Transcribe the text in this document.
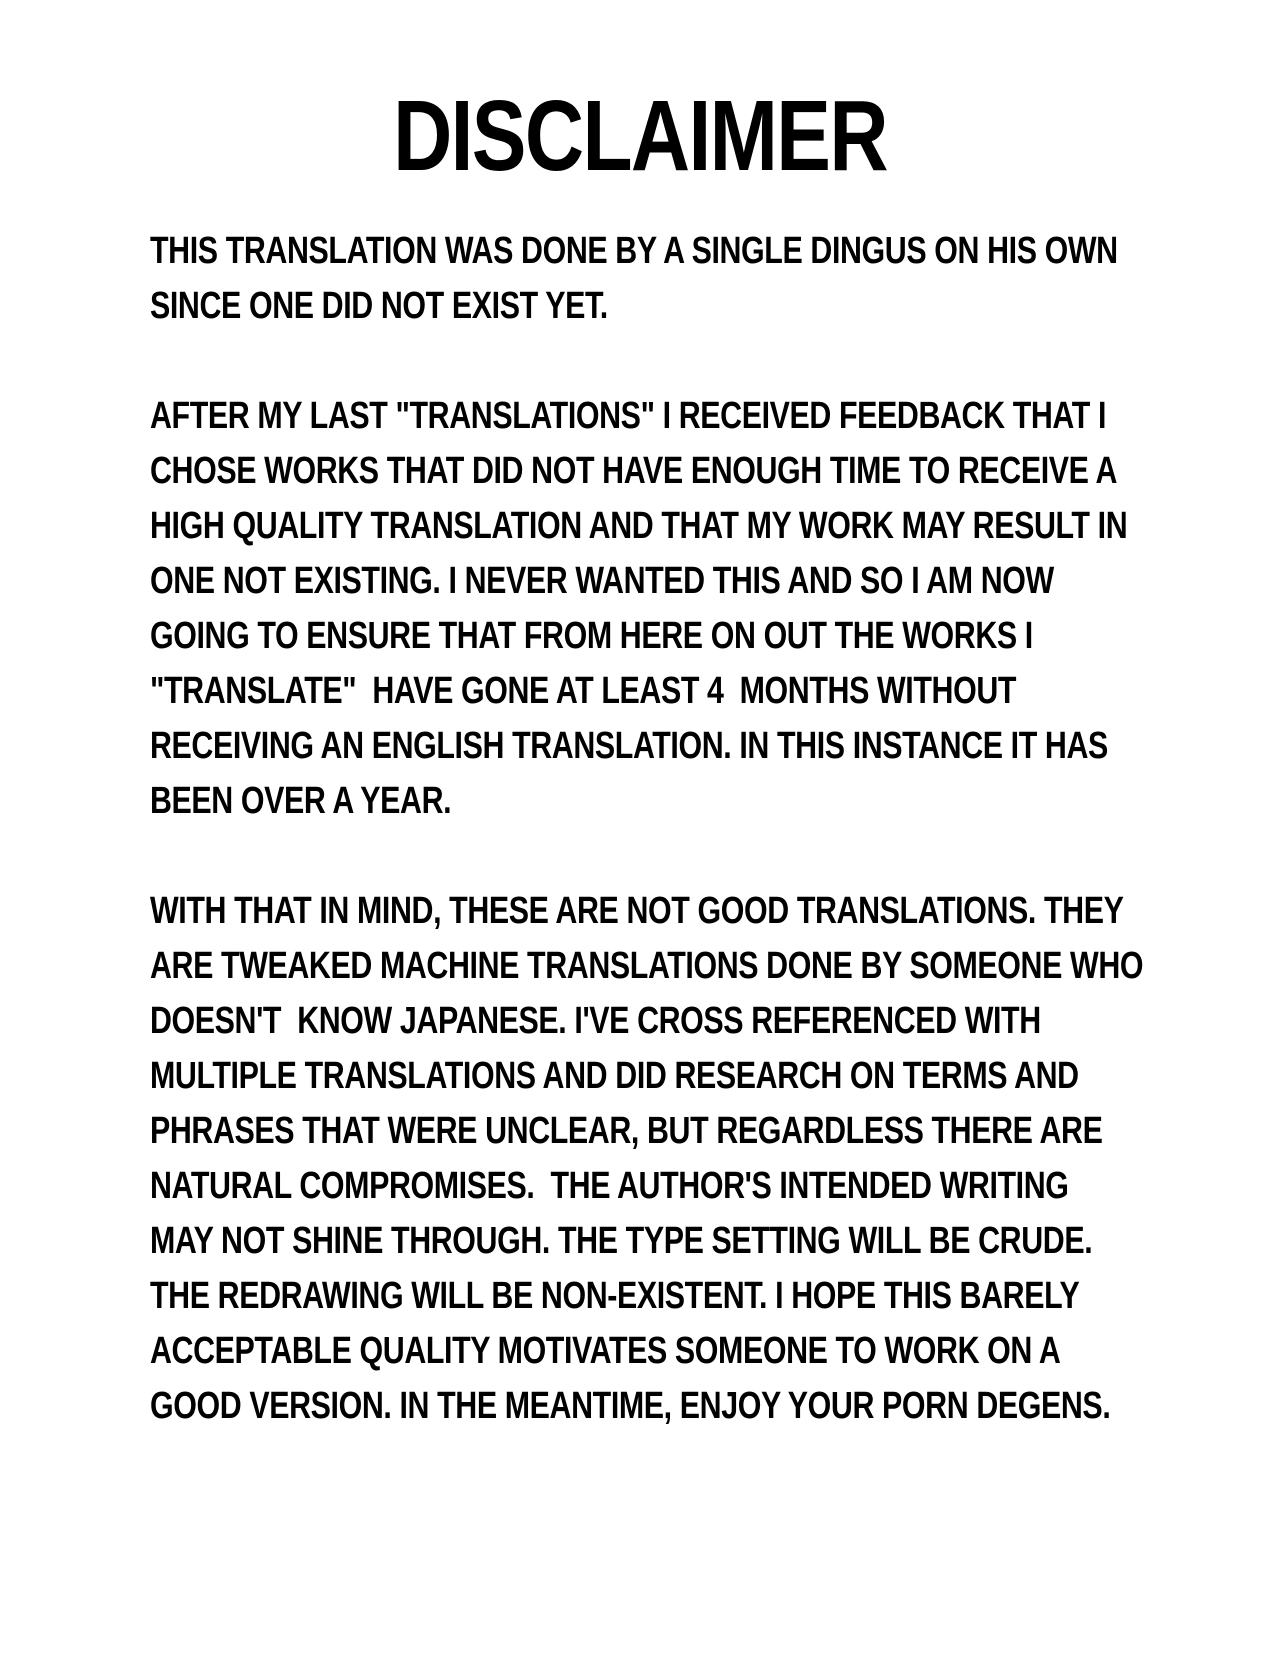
DISCLAIMER
THIS TRANSLATION WAS DONE BY A SINGLE DINGUS ON HIS OWN
SINCE ONE DID NOT EXIST YET.
AFTER MY LAST "TRANSLATIONS" I RECEIVED FEEDBACK THAT I
CHOSE WORKS THAT DID NOT HAVE ENOUGH TIME TO RECEIVE A
HIGH QUALITY TRANSLATION AND THAT MY WORK MAY RESULT IN
ONE NOT EXISTING. I NEVER WANTED THIS AND SO I AM NOW
GOING TO ENSURE THAT FROM HERE ON OUT THE WORKS I
"TRANSLATE"  HAVE GONE AT LEAST 4  MONTHS WITHOUT
RECEIVING AN ENGLISH TRANSLATION. IN THIS INSTANCE IT HAS
BEEN OVER A YEAR.
WITH THAT IN MIND, THESE ARE NOT GOOD TRANSLATIONS. THEY
ARE TWEAKED MACHINE TRANSLATIONS DONE BY SOMEONE WHO
DOESN'T  KNOW JAPANESE. I'VE CROSS REFERENCED WITH
MULTIPLE TRANSLATIONS AND DID RESEARCH ON TERMS AND
PHRASES THAT WERE UNCLEAR, BUT REGARDLESS THERE ARE
NATURAL COMPROMISES.  THE AUTHOR'S INTENDED WRITING
MAY NOT SHINE THROUGH. THE TYPE SETTING WILL BE CRUDE.
THE REDRAWING WILL BE NON-EXISTENT. I HOPE THIS BARELY
ACCEPTABLE QUALITY MOTIVATES SOMEONE TO WORK ON A
GOOD VERSION. IN THE MEANTIME, ENJOY YOUR PORN DEGENS.
